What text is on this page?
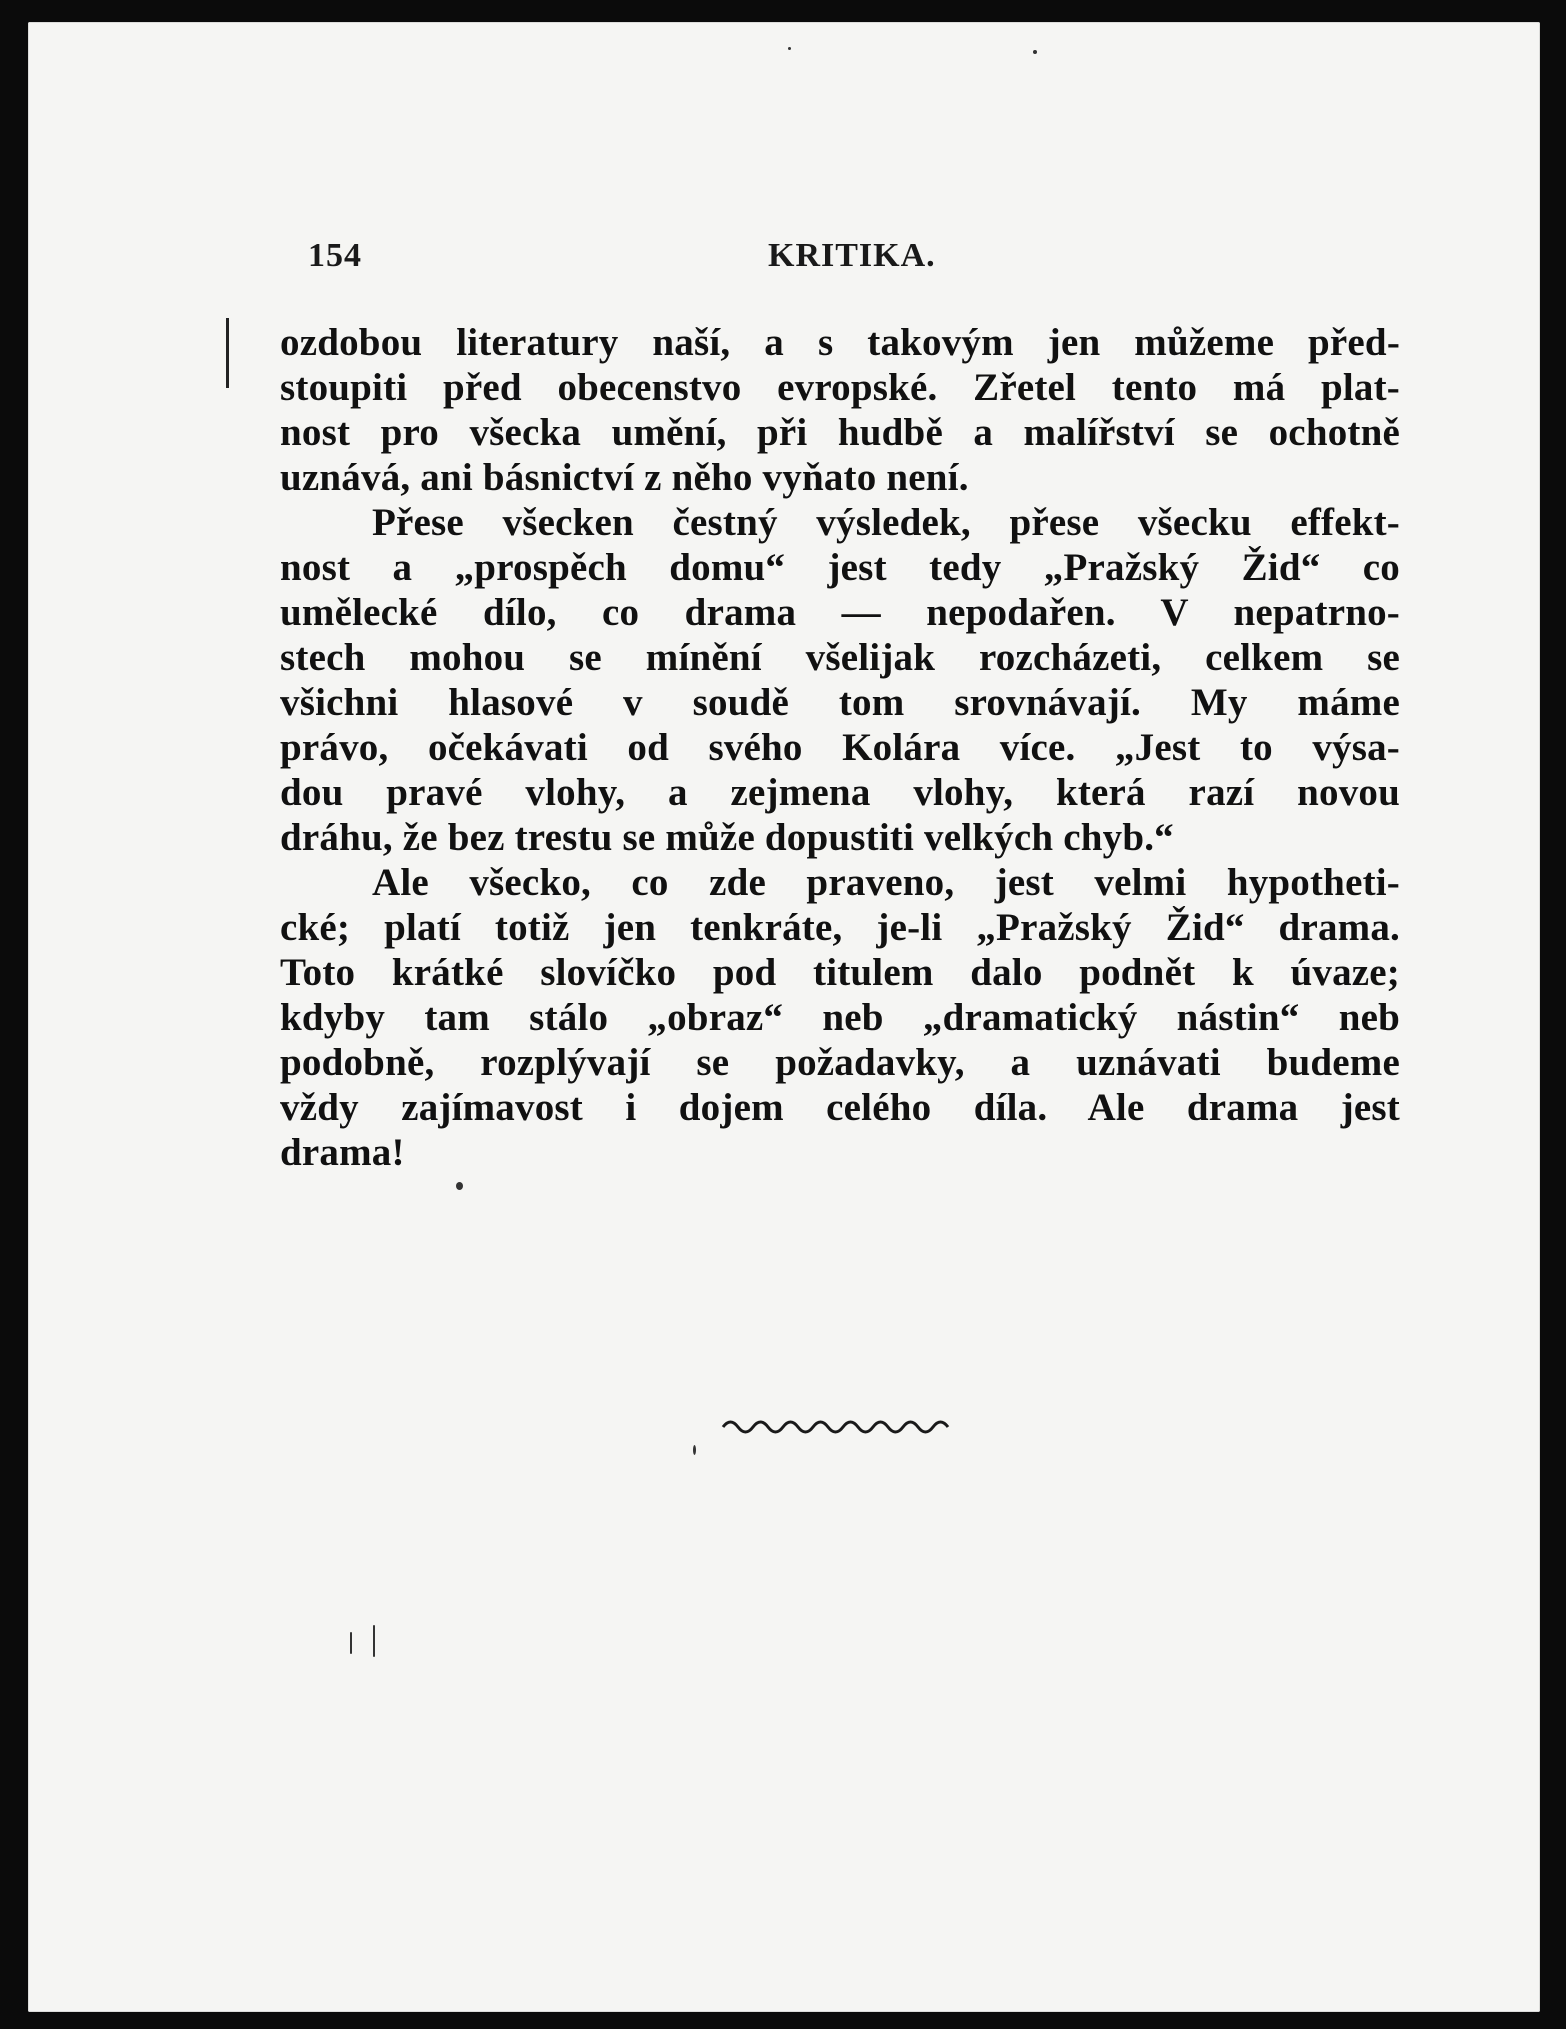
154	KRITIKA.
ozdobou literatury naší, a s takovým jen můžeme před-
stoupiti před obecenstvo evropské. Zřetel tento má plat-
nost pro všecka umění, při hudbě a malířství se ochotně
uznává, ani básnictví z něho vyňato není.
Přese všecken čestný výsledek, přese všecku effekt-
nost a „prospěch domu“ jest tedy „Pražský Žid“ co
umělecké dílo, co drama — nepodařen. V nepatrno-
stech mohou se mínění všelijak rozcházeti, celkem se
všichni hlasové v soudě tom srovnávají. My máme
právo, očekávati od svého Kolára více. „Jest to výsa-
dou pravé vlohy, a zejmena vlohy, která razí novou
dráhu, že bez trestu se může dopustiti velkých chyb.“
Ale všecko, co zde praveno, jest velmi hypotheti-
cké; platí totiž jen tenkráte, je-li „Pražský Žid“ drama.
Toto krátké slovíčko pod titulem dalo podnět k úvaze;
kdyby tam stálo „obraz“ neb „dramatický nástin“ neb
podobně, rozplývají se požadavky, a uznávati budeme
vždy zajímavost i dojem celého díla. Ale drama jest
drama!
